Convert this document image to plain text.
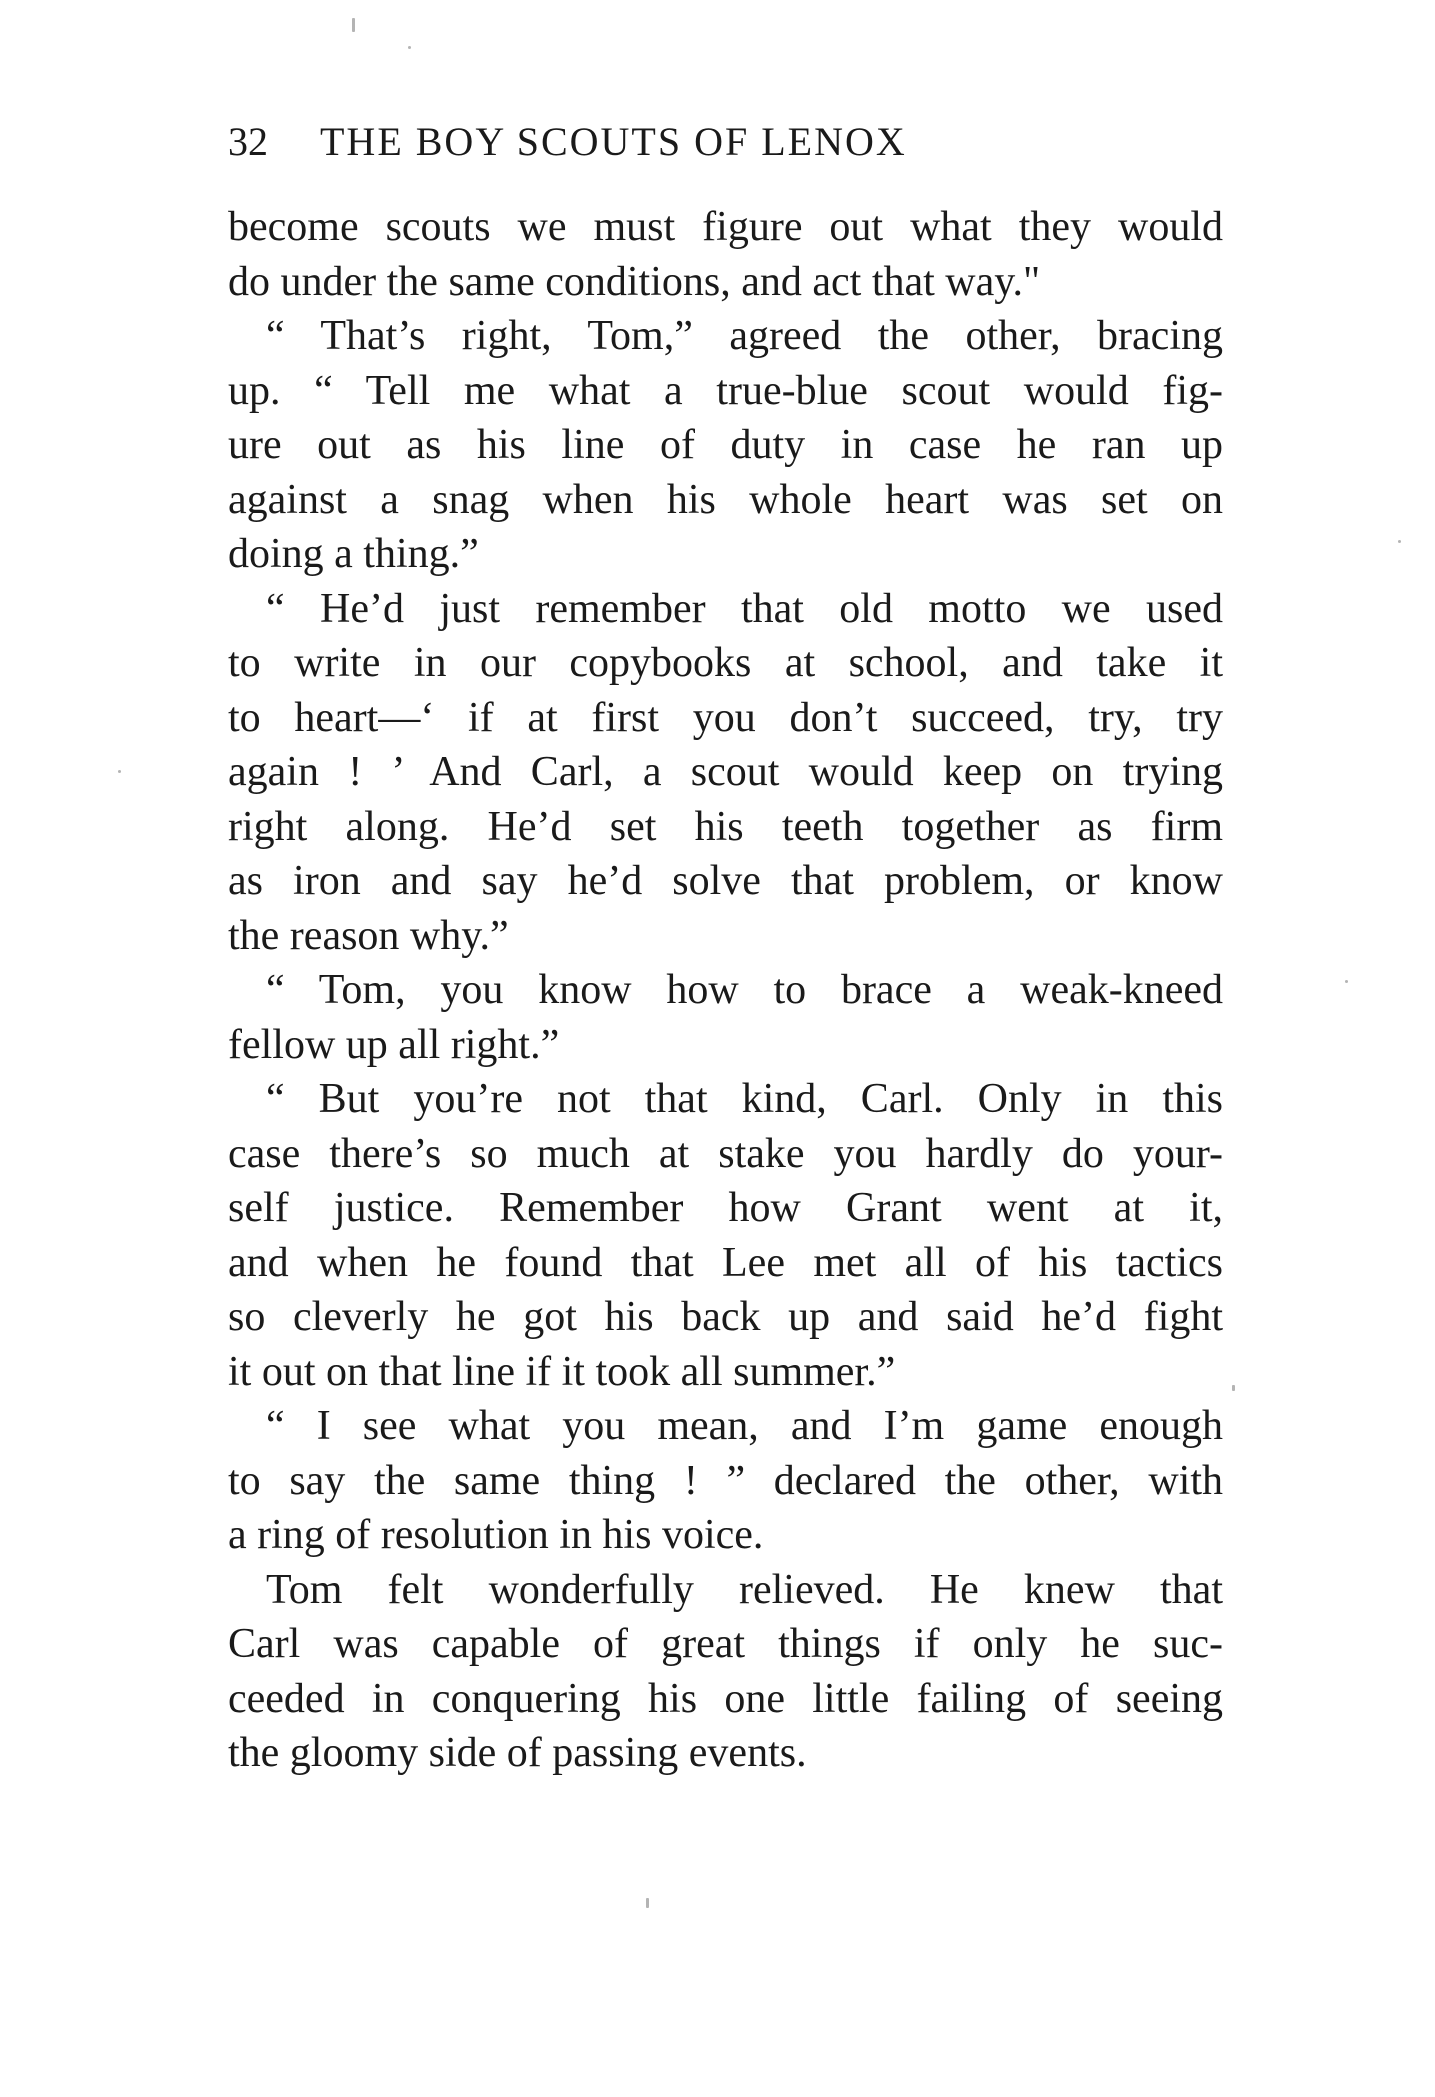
32	THE BOY SCOUTS OF LENOX
become scouts we must figure out what they would
do under the same conditions, and act that way."
“ That’s right, Tom,” agreed the other, bracing
up. “ Tell me what a true-blue scout would fig-
ure out as his line of duty in case he ran up
against a snag when his whole heart was set on
doing a thing.”
“ He’d just remember that old motto we used
to write in our copybooks at school, and take it
to heart—‘ if at first you don’t succeed, try, try
again ! ’ And Carl, a scout would keep on trying
right along. He’d set his teeth together as firm
as iron and say he’d solve that problem, or know
the reason why.”
“ Tom, you know how to brace a weak-kneed
fellow up all right.”
“ But you’re not that kind, Carl. Only in this
case there’s so much at stake you hardly do your-
self justice. Remember how Grant went at it,
and when he found that Lee met all of his tactics
so cleverly he got his back up and said he’d fight
it out on that line if it took all summer.”
“ I see what you mean, and I’m game enough
to say the same thing ! ” declared the other, with
a ring of resolution in his voice.
Tom felt wonderfully relieved. He knew that
Carl was capable of great things if only he suc-
ceeded in conquering his one little failing of seeing
the gloomy side of passing events.
